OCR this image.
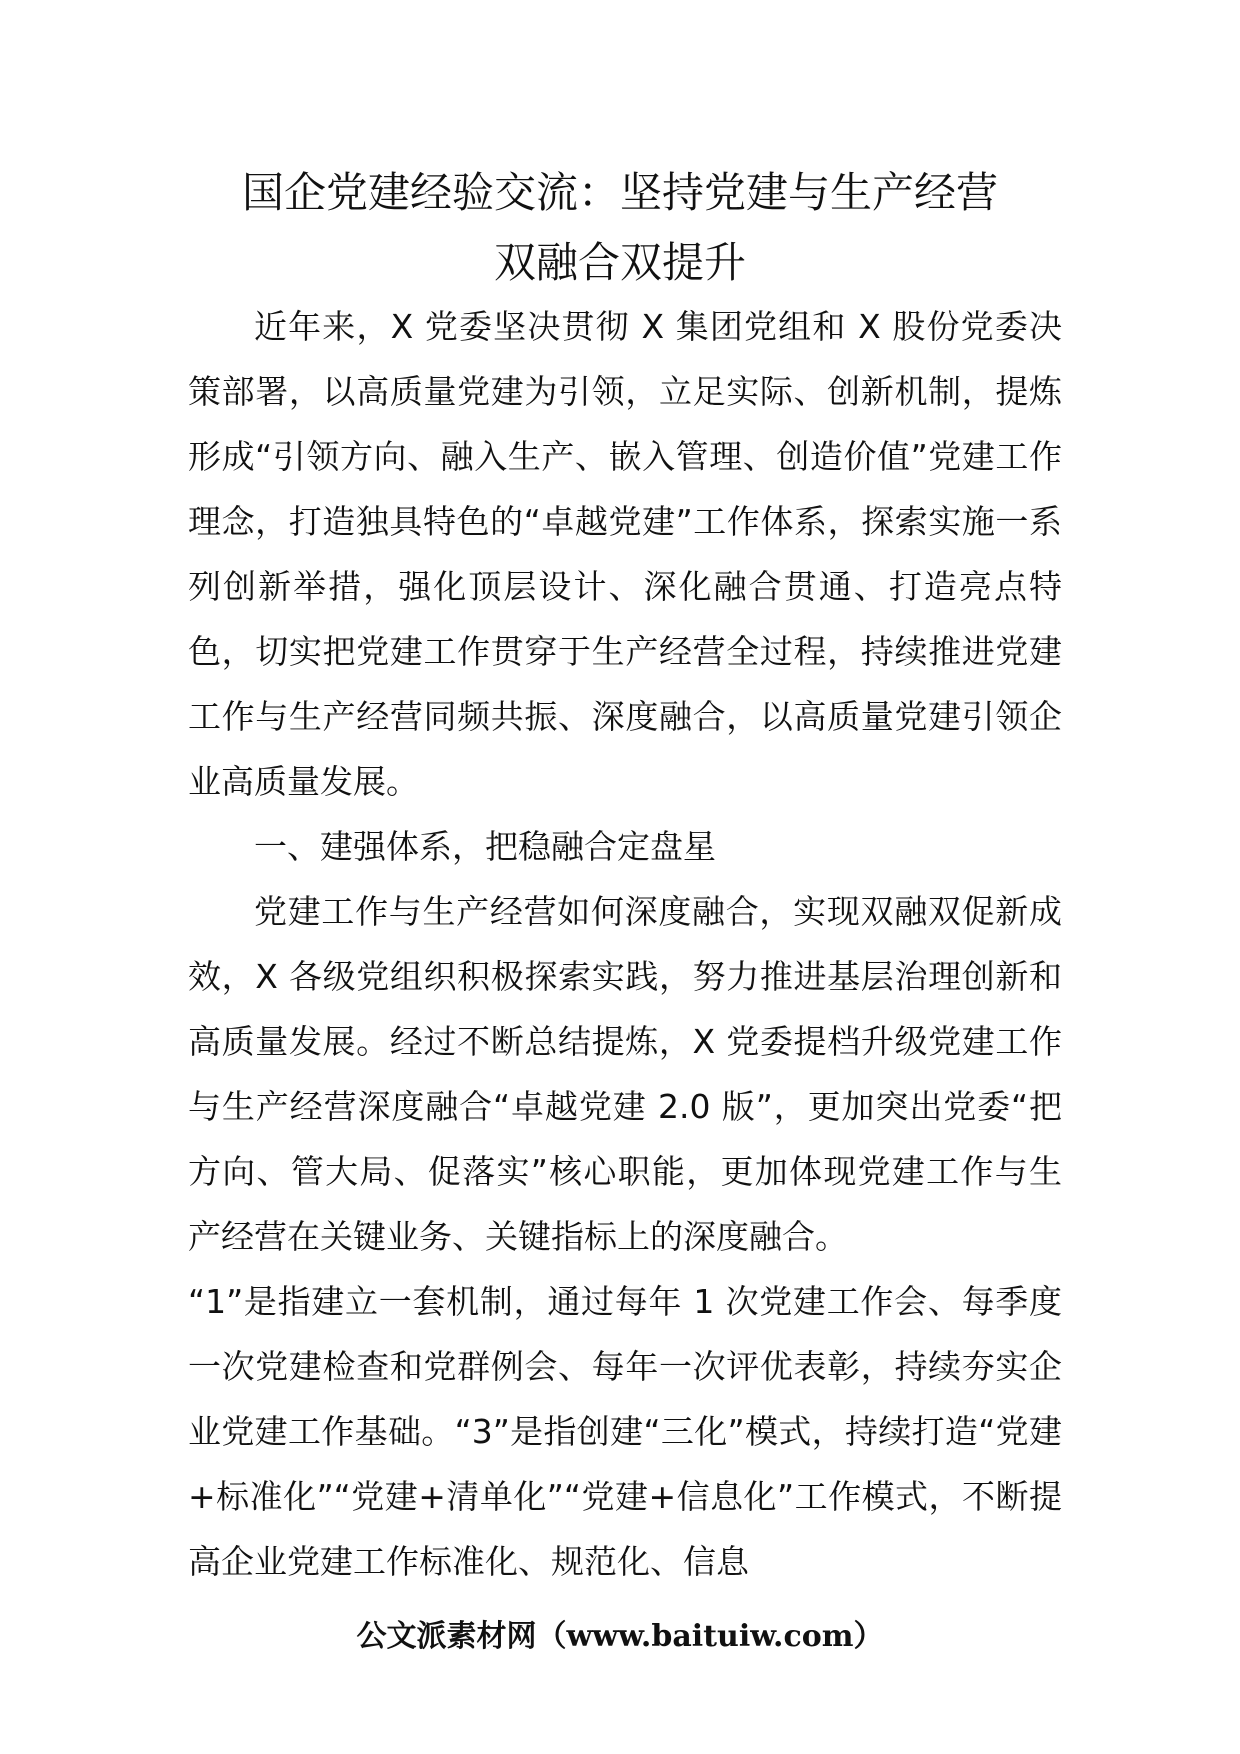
国企党建经验交流：坚持党建与生产经营
双融合双提升

近年来，X 党委坚决贯彻 X 集团党组和 X 股份党委决策部署，以高质量党建为引领，立足实际、创新机制，提炼形成“引领方向、融入生产、嵌入管理、创造价值”党建工作理念，打造独具特色的“卓越党建”工作体系，探索实施一系列创新举措，强化顶层设计、深化融合贯通、打造亮点特色，切实把党建工作贯穿于生产经营全过程，持续推进党建工作与生产经营同频共振、深度融合，以高质量党建引领企业高质量发展。

一、建强体系，把稳融合定盘星

党建工作与生产经营如何深度融合，实现双融双促新成效，X 各级党组织积极探索实践，努力推进基层治理创新和高质量发展。经过不断总结提炼，X 党委提档升级党建工作与生产经营深度融合“卓越党建 2.0 版”，更加突出党委“把方向、管大局、促落实”核心职能，更加体现党建工作与生产经营在关键业务、关键指标上的深度融合。

“1”是指建立一套机制，通过每年 1 次党建工作会、每季度一次党建检查和党群例会、每年一次评优表彰，持续夯实企业党建工作基础。“3”是指创建“三化”模式，持续打造“党建+标准化”“党建+清单化”“党建+信息化”工作模式，不断提高企业党建工作标准化、规范化、信息

公文派素材网（www.baituiw.com）
